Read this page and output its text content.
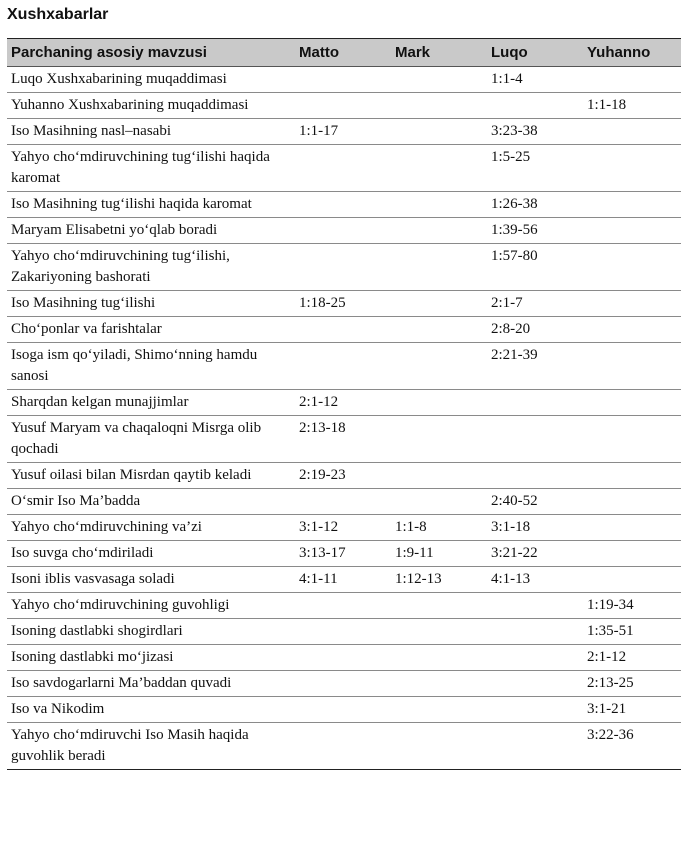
Xushxabarlar
Parchaning asosiy mavzusi	Matto	Mark	Luqo	Yuhanno
Luqo Xushxabarining muqaddimasi			1:1-4	
Yuhanno Xushxabarining muqaddimasi				1:1-18
Iso Masihning nasl–nasabi	1:1-17		3:23-38	
Yahyo cho‘mdiruvchining tug‘ilishi haqida karomat			1:5-25	
Iso Masihning tug‘ilishi haqida karomat			1:26-38	
Maryam Elisabetni yo‘qlab boradi			1:39-56	
Yahyo cho‘mdiruvchining tug‘ilishi, Zakariyoning bashorati			1:57-80	
Iso Masihning tug‘ilishi	1:18-25		2:1-7	
Cho‘ponlar va farishtalar			2:8-20	
Isoga ism qo‘yiladi, Shimo‘nning hamdu sanosi			2:21-39	
Sharqdan kelgan munajjimlar	2:1-12			
Yusuf Maryam va chaqaloqni Misrga olib qochadi	2:13-18			
Yusuf oilasi bilan Misrdan qaytib keladi	2:19-23			
O‘smir Iso Ma’badda			2:40-52	
Yahyo cho‘mdiruvchining va’zi	3:1-12	1:1-8	3:1-18	
Iso suvga cho‘mdiriladi	3:13-17	1:9-11	3:21-22	
Isoni iblis vasvasaga soladi	4:1-11	1:12-13	4:1-13	
Yahyo cho‘mdiruvchining guvohligi				1:19-34
Isoning dastlabki shogirdlari				1:35-51
Isoning dastlabki mo‘jizasi				2:1-12
Iso savdogarlarni Ma’baddan quvadi				2:13-25
Iso va Nikodim				3:1-21
Yahyo cho‘mdiruvchi Iso Masih haqida guvohlik beradi				3:22-36
